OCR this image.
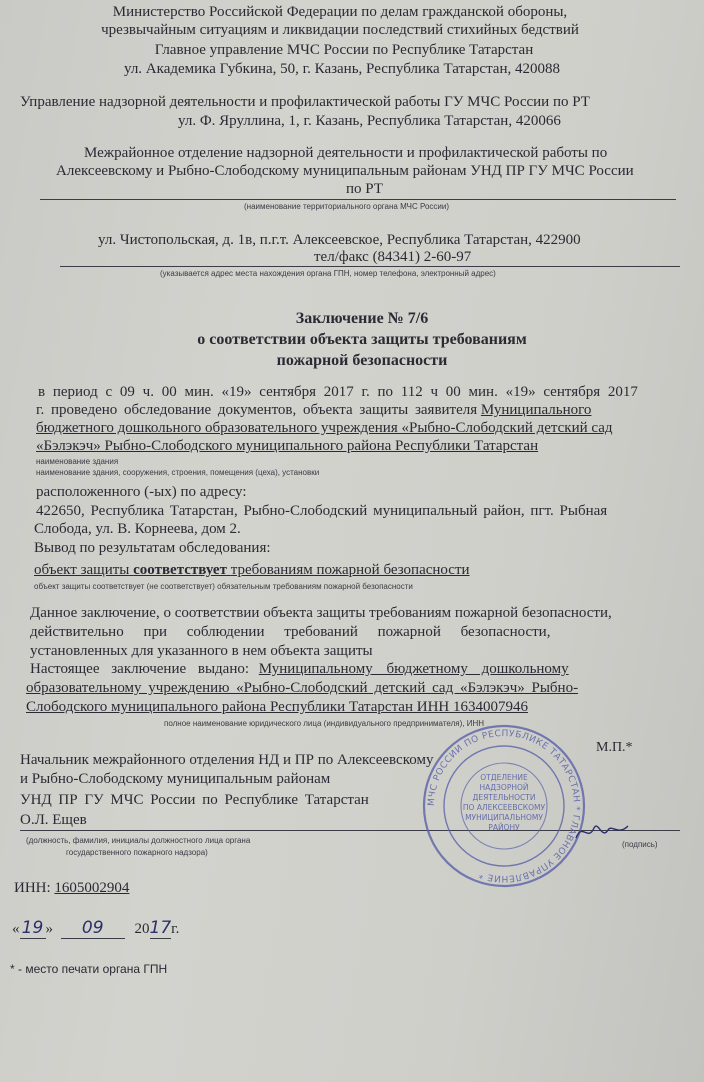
Министерство Российской Федерации по делам гражданской обороны,
чрезвычайным ситуациям и ликвидации последствий стихийных бедствий
Главное управление МЧС России по Республике Татарстан
ул. Академика Губкина, 50, г. Казань, Республика Татарстан, 420088
Управление надзорной деятельности и профилактической работы ГУ МЧС России по РТ
ул. Ф. Яруллина, 1, г. Казань, Республика Татарстан, 420066
Межрайонное отделение надзорной деятельности и профилактической работы по
Алексеевскому и Рыбно-Слободскому муниципальным районам УНД ПР ГУ МЧС России
по РТ
(наименование территориального органа МЧС России)
ул. Чистопольская, д. 1в, п.г.т. Алексеевское, Республика Татарстан, 422900
тел/факс (84341) 2-60-97
(указывается адрес места нахождения органа ГПН, номер телефона, электронный адрес)
Заключение № 7/6
о соответствии объекта защиты требованиям
пожарной безопасности
в период с 09 ч. 00 мин. «19» сентября 2017 г. по 112 ч 00 мин. «19» сентября 2017
г. проведено обследование документов, объекта защиты заявителя Муниципального
бюджетного дошкольного образовательного учреждения «Рыбно-Слободский детский сад
«Бэлэкэч» Рыбно-Слободского муниципального района Республики Татарстан
наименование здания
наименование здания, сооружения, строения, помещения (цеха), установки
расположенного (-ых) по адресу:
422650, Республика Татарстан, Рыбно-Слободский муниципальный район, пгт. Рыбная
Слобода, ул. В. Корнеева, дом 2.
Вывод по результатам обследования:
объект защиты соответствует требованиям пожарной безопасности
объект защиты соответствует (не соответствует) обязательным требованиям пожарной безопасности
Данное заключение, о соответствии объекта защиты требованиям пожарной безопасности,
действительно при соблюдении требований пожарной безопасности,
установленных для указанного в нем объекта защиты
Настоящее заключение выдано: Муниципальному бюджетному дошкольному
образовательному учреждению «Рыбно-Слободский детский сад «Бэлэкэч» Рыбно-
Слободского муниципального района Республики Татарстан ИНН 1634007946
полное наименование юридического лица (индивидуального предпринимателя), ИНН
Начальник межрайонного отделения НД и ПР по Алексеевскому
и Рыбно-Слободскому муниципальным районам
УНД ПР ГУ МЧС России по Республике Татарстан
О.Л. Ещев
М.П.*
(должность, фамилия, инициалы должностного лица органа
государственного пожарного надзора)
(подпись)
МЧС РОССИИ ПО РЕСПУБЛИКЕ ТАТАРСТАН * ГЛАВНОЕ УПРАВЛЕНИЕ *
ОТДЕЛЕНИЕ
НАДЗОРНОЙ
ДЕЯТЕЛЬНОСТИ
ПО АЛЕКСЕЕВСКОМУ
МУНИЦИПАЛЬНОМУ
РАЙОНУ
ИНН: 1605002904
« 19 » 09 2017г.
* - место печати органа ГПН
